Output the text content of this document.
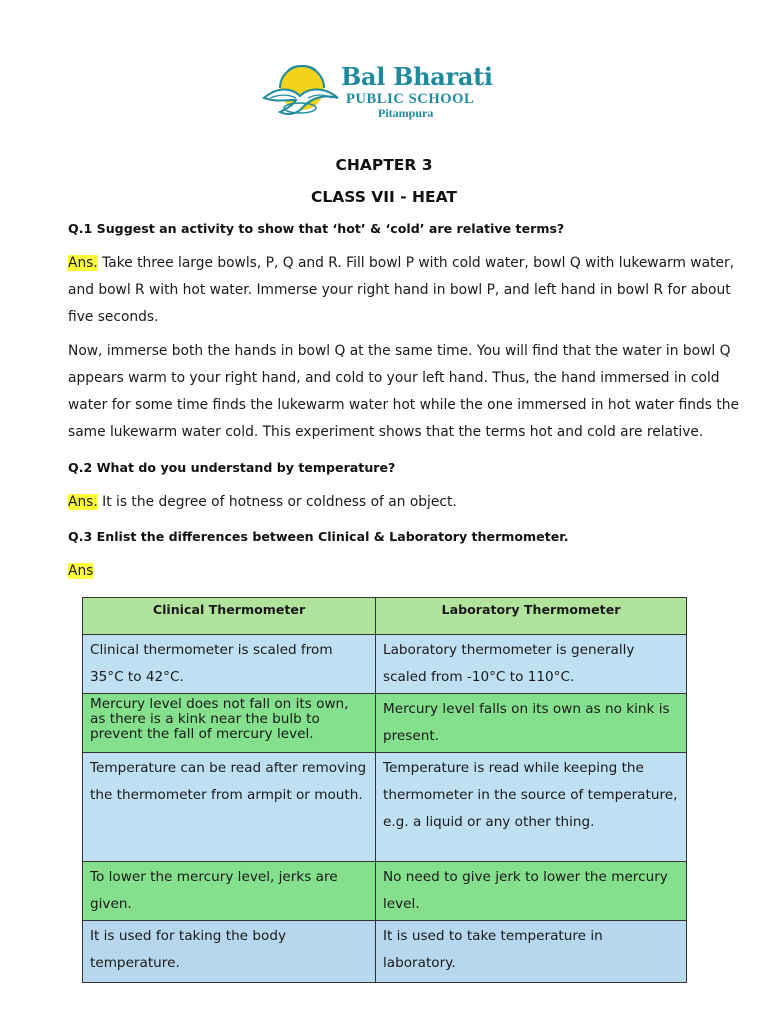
Bal Bharati
PUBLIC SCHOOL
Pitampura
CHAPTER 3
CLASS VII - HEAT
Q.1 Suggest an activity to show that ‘hot’ & ‘cold’ are relative terms?
Ans. Take three large bowls, P, Q and R. Fill bowl P with cold water, bowl Q with lukewarm water,
and bowl R with hot water. Immerse your right hand in bowl P, and left hand in bowl R for about
five seconds.
Now, immerse both the hands in bowl Q at the same time. You will find that the water in bowl Q
appears warm to your right hand, and cold to your left hand. Thus, the hand immersed in cold
water for some time finds the lukewarm water hot while the one immersed in hot water finds the
same lukewarm water cold. This experiment shows that the terms hot and cold are relative.
Q.2 What do you understand by temperature?
Ans. It is the degree of hotness or coldness of an object.
Q.3 Enlist the differences between Clinical & Laboratory thermometer.
Ans
Clinical Thermometer	Laboratory Thermometer
Clinical thermometer is scaled from 35°C to 42°C.	Laboratory thermometer is generally scaled from -10°C to 110°C.
Mercury level does not fall on its own, as there is a kink near the bulb to prevent the fall of mercury level.	Mercury level falls on its own as no kink is present.
Temperature can be read after removing the thermometer from armpit or mouth.	Temperature is read while keeping the thermometer in the source of temperature, e.g. a liquid or any other thing.
To lower the mercury level, jerks are given.	No need to give jerk to lower the mercury level.
It is used for taking the body temperature.	It is used to take temperature in laboratory.
